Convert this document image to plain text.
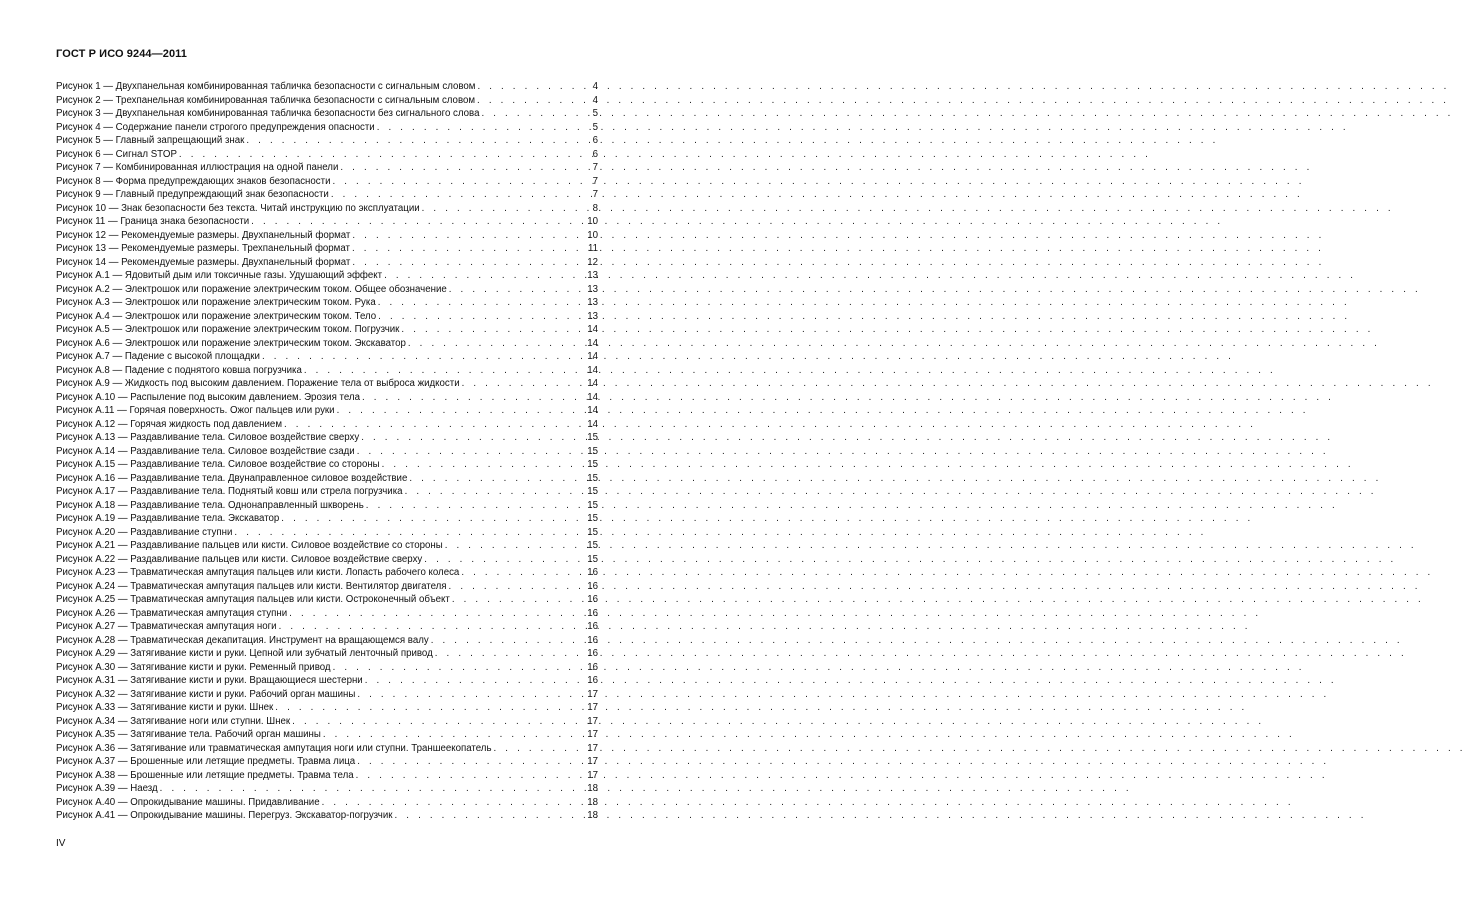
ГОСТ Р ИСО 9244—2011
Рисунок 1 — Двухпанельная комбинированная табличка безопасности с сигнальным словом . . .	4
Рисунок 2 — Трехпанельная комбинированная табличка безопасности с сигнальным словом . . .	4
Рисунок 3 — Двухпанельная комбинированная табличка безопасности без сигнального слова . . .	5
Рисунок 4 — Содержание панели строгого предупреждения опасности . . .	5
Рисунок 5 — Главный запрещающий знак . . .	6
Рисунок 6 — Сигнал STOP . . .	6
Рисунок 7 — Комбинированная иллюстрация на одной панели . . .	7
Рисунок 8 — Форма предупреждающих знаков безопасности . . .	7
Рисунок 9 — Главный предупреждающий знак безопасности . . .	7
Рисунок 10 — Знак безопасности без текста. Читай инструкцию по эксплуатации . . .	8
Рисунок 11 — Граница знака безопасности . . .	10
Рисунок 12 — Рекомендуемые размеры. Двухпанельный формат . . .	10
Рисунок 13 — Рекомендуемые размеры. Трехпанельный формат . . .	11
Рисунок 14 — Рекомендуемые размеры. Двухпанельный формат . . .	12
Рисунок А.1 — Ядовитый дым или токсичные газы. Удушающий эффект . . .	13
Рисунок А.2 — Электрошок или поражение электрическим током. Общее обозначение . . .	13
Рисунок А.3 — Электрошок или поражение электрическим током. Рука . . .	13
Рисунок А.4 — Электрошок или поражение электрическим током. Тело . . .	13
Рисунок А.5 — Электрошок или поражение электрическим током. Погрузчик . . .	14
Рисунок А.6 — Электрошок или поражение электрическим током. Экскаватор . . .	14
Рисунок А.7 — Падение с высокой площадки . . .	14
Рисунок А.8 — Падение с поднятого ковша погрузчика . . .	14
Рисунок А.9 — Жидкость под высоким давлением. Поражение тела от выброса жидкости . . .	14
Рисунок А.10 — Распыление под высоким давлением. Эрозия тела . . .	14
Рисунок А.11 — Горячая поверхность. Ожог пальцев или руки . . .	14
Рисунок А.12 — Горячая жидкость под давлением . . .	14
Рисунок А.13 — Раздавливание тела. Силовое воздействие сверху . . .	15
Рисунок А.14 — Раздавливание тела. Силовое воздействие сзади . . .	15
Рисунок А.15 — Раздавливание тела. Силовое воздействие со стороны . . .	15
Рисунок А.16 — Раздавливание тела. Двунаправленное силовое воздействие . . .	15
Рисунок А.17 — Раздавливание тела. Поднятый ковш или стрела погрузчика . . .	15
Рисунок А.18 — Раздавливание тела. Однонаправленный шкворень . . .	15
Рисунок А.19 — Раздавливание тела. Экскаватор . . .	15
Рисунок А.20 — Раздавливание ступни . . .	15
Рисунок А.21 — Раздавливание пальцев или кисти. Силовое воздействие со стороны . . .	15
Рисунок А.22 — Раздавливание пальцев или кисти. Силовое воздействие сверху . . .	15
Рисунок А.23 — Травматическая ампутация пальцев или кисти. Лопасть рабочего колеса . . .	16
Рисунок А.24 — Травматическая ампутация пальцев или кисти. Вентилятор двигателя . . .	16
Рисунок А.25 — Травматическая ампутация пальцев или кисти. Остроконечный объект . . .	16
Рисунок А.26 — Травматическая ампутация ступни . . .	16
Рисунок А.27 — Травматическая ампутация ноги . . .	16
Рисунок А.28 — Травматическая декапитация. Инструмент на вращающемся валу . . .	16
Рисунок А.29 — Затягивание кисти и руки. Цепной или зубчатый ленточный привод . . .	16
Рисунок А.30 — Затягивание кисти и руки. Ременный привод . . .	16
Рисунок А.31 — Затягивание кисти и руки. Вращающиеся шестерни . . .	16
Рисунок А.32 — Затягивание кисти и руки. Рабочий орган машины . . .	17
Рисунок А.33 — Затягивание кисти и руки. Шнек . . .	17
Рисунок А.34 — Затягивание ноги или ступни. Шнек . . .	17
Рисунок А.35 — Затягивание тела. Рабочий орган машины . . .	17
Рисунок А.36 — Затягивание или травматическая ампутация ноги или ступни. Траншеекопатель . . .	17
Рисунок А.37 — Брошенные или летящие предметы. Травма лица . . .	17
Рисунок А.38 — Брошенные или летящие предметы. Травма тела . . .	17
Рисунок А.39 — Наезд . . .	18
Рисунок А.40 — Опрокидывание машины. Придавливание . . .	18
Рисунок А.41 — Опрокидывание машины. Перегруз. Экскаватор-погрузчик . . .	18
IV
